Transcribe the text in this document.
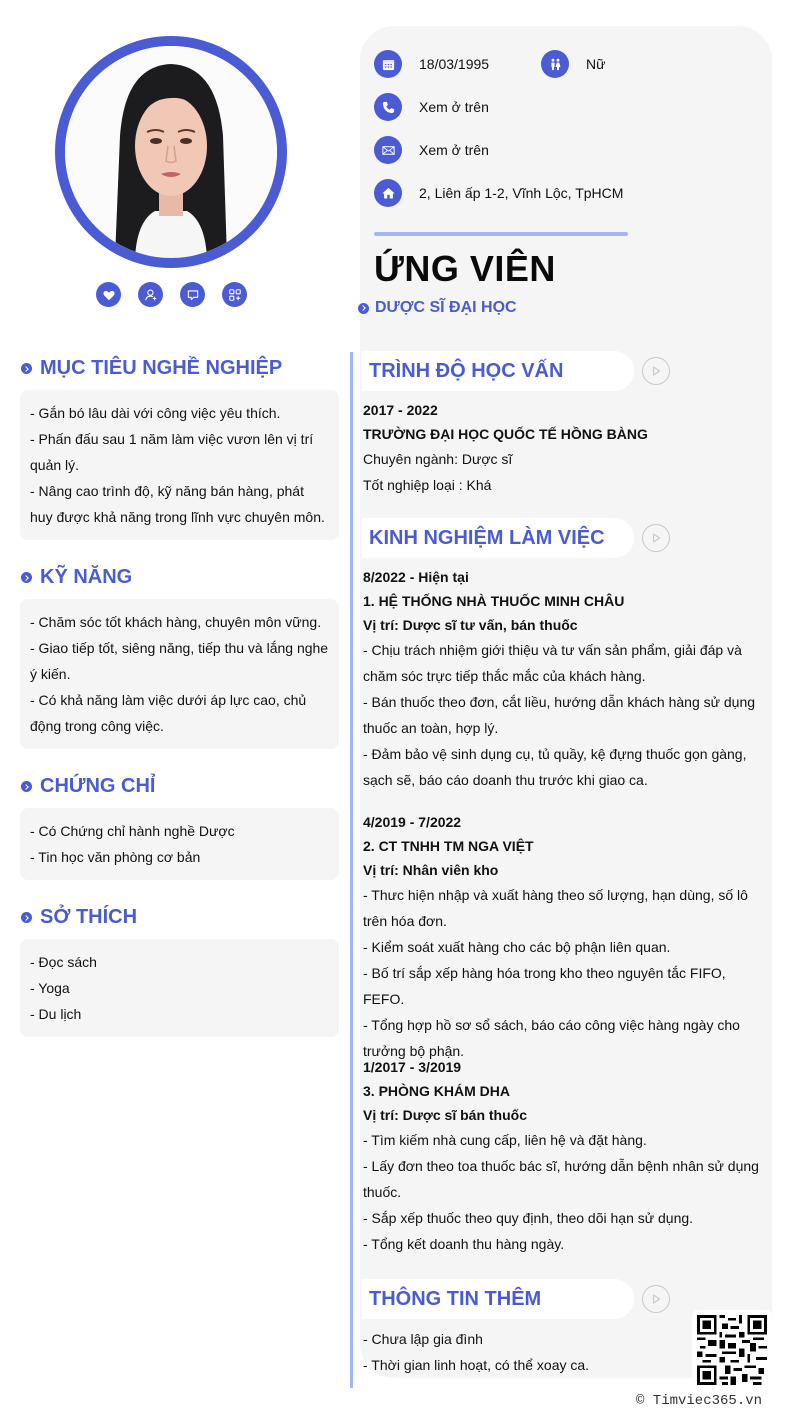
18/03/1995	Nữ
Xem ở trên
Xem ở trên
2, Liên ấp 1-2, Vĩnh Lộc, TpHCM
ỨNG VIÊN
DƯỢC SĨ ĐẠI HỌC
MỤC TIÊU NGHỀ NGHIỆP
- Gắn bó lâu dài với công việc yêu thích.
- Phấn đấu sau 1 năm làm việc vươn lên vị trí quản lý.
- Nâng cao trình độ, kỹ năng bán hàng, phát huy được khả năng trong lĩnh vực chuyên môn.
KỸ NĂNG
- Chăm sóc tốt khách hàng, chuyên môn vững.
- Giao tiếp tốt, siêng năng, tiếp thu và lắng nghe ý kiến.
- Có khả năng làm việc dưới áp lực cao, chủ động trong công việc.
CHỨNG CHỈ
- Có Chứng chỉ hành nghề Dược
- Tin học văn phòng cơ bản
SỞ THÍCH
- Đọc sách
- Yoga
- Du lịch
TRÌNH ĐỘ HỌC VẤN
2017 - 2022
TRƯỜNG ĐẠI HỌC QUỐC TẾ HỒNG BÀNG
Chuyên ngành: Dược sĩ
Tốt nghiệp loại : Khá
KINH NGHIỆM LÀM VIỆC
8/2022 - Hiện tại
1. HỆ THỐNG NHÀ THUỐC MINH CHÂU
Vị trí: Dược sĩ tư vấn, bán thuốc
- Chịu trách nhiệm giới thiệu và tư vấn sản phẩm, giải đáp và chăm sóc trực tiếp thắc mắc của khách hàng.
- Bán thuốc theo đơn, cắt liều, hướng dẫn khách hàng sử dụng thuốc an toàn, hợp lý.
- Đảm bảo vệ sinh dụng cụ, tủ quầy, kệ đựng thuốc gọn gàng, sạch sẽ, báo cáo doanh thu trước khi giao ca.
4/2019 - 7/2022
2. CT TNHH TM NGA VIỆT
Vị trí: Nhân viên kho
- Thưc hiện nhập và xuất hàng theo số lượng, hạn dùng, số lô trên hóa đơn.
- Kiểm soát xuất hàng cho các bộ phận liên quan.
- Bố trí sắp xếp hàng hóa trong kho theo nguyên tắc FIFO, FEFO.
- Tổng hợp hồ sơ sổ sách, báo cáo công việc hàng ngày cho trưởng bộ phận.
1/2017 - 3/2019
3. PHÒNG KHÁM DHA
Vị trí: Dược sĩ bán thuốc
- Tìm kiếm nhà cung cấp, liên hệ và đặt hàng.
- Lấy đơn theo toa thuốc bác sĩ, hướng dẫn bệnh nhân sử dụng thuốc.
- Sắp xếp thuốc theo quy định, theo dõi hạn sử dụng.
- Tổng kết doanh thu hàng ngày.
THÔNG TIN THÊM
- Chưa lập gia đình
- Thời gian linh hoạt, có thể xoay ca.
© Timviec365.vn
